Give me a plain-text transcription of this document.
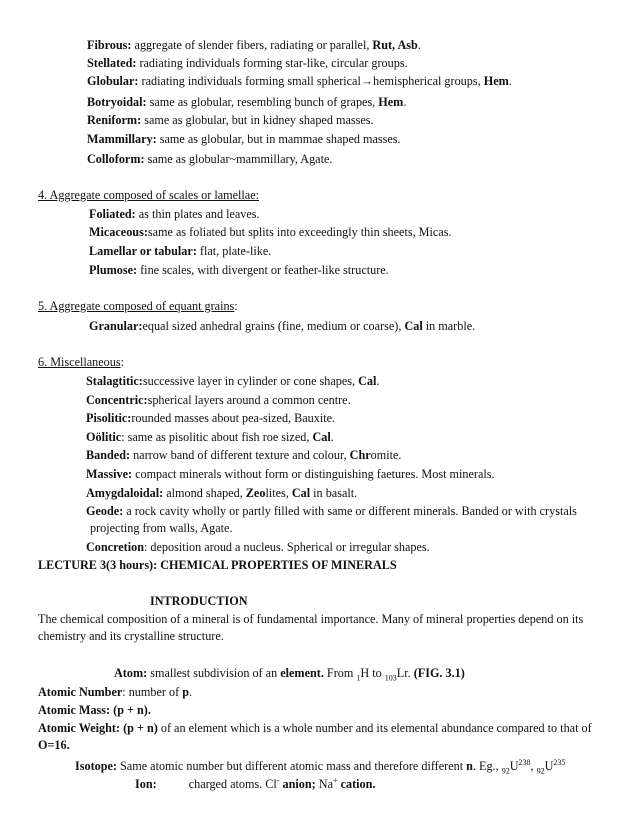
Fibrous: aggregate of slender fibers, radiating or parallel, Rut, Asb.
Stellated: radiating individuals forming star-like, circular groups.
Globular: radiating individuals forming small spherical→hemispherical groups, Hem.
Botryoidal: same as globular, resembling bunch of grapes, Hem.
Reniform: same as globular, but in kidney shaped masses.
Mammillary: same as globular, but in mammae shaped masses.
Colloform: same as globular~mammillary, Agate.
4. Aggregate composed of scales or lamellae:
Foliated: as thin plates and leaves.
Micaceous:same as foliated but splits into exceedingly thin sheets, Micas.
Lamellar or tabular: flat, plate-like.
Plumose: fine scales, with divergent or feather-like structure.
5. Aggregate composed of equant grains:
Granular:equal sized anhedral grains (fine, medium or coarse), Cal in marble.
6. Miscellaneous:
Stalagtitic:successive layer in cylinder or cone shapes, Cal.
Concentric:spherical layers around a common centre.
Pisolitic:rounded masses about pea-sized, Bauxite.
Oölitic: same as pisolitic about fish roe sized, Cal.
Banded: narrow band of different texture and colour, Chromite.
Massive: compact minerals without form or distinguishing faetures. Most minerals.
Amygdaloidal: almond shaped, Zeolites, Cal in basalt.
Geode: a rock cavity wholly or partly filled with same or different minerals. Banded or with crystals
projecting from walls, Agate.
Concretion: deposition aroud a nucleus. Spherical or irregular shapes.
LECTURE 3(3 hours): CHEMICAL PROPERTIES OF MINERALS
INTRODUCTION
The chemical composition of a mineral is of fundamental importance. Many of mineral properties depend on its chemistry and its crystalline structure.
Atom: smallest subdivision of an element. From $_1$H to $_{103}$Lr. (FIG. 3.1)
Atomic Number: number of p.
Atomic Mass: (p + n).
Atomic Weight: (p + n) of an element which is a whole number and its elemental abundance compared to that of O=16.
Isotope: Same atomic number but different atomic mass and therefore different n. Eg., $_{92}U^{238}$, $_{92}U^{235}$
Ion:	charged atoms. Cl- anion; Na+ cation.
